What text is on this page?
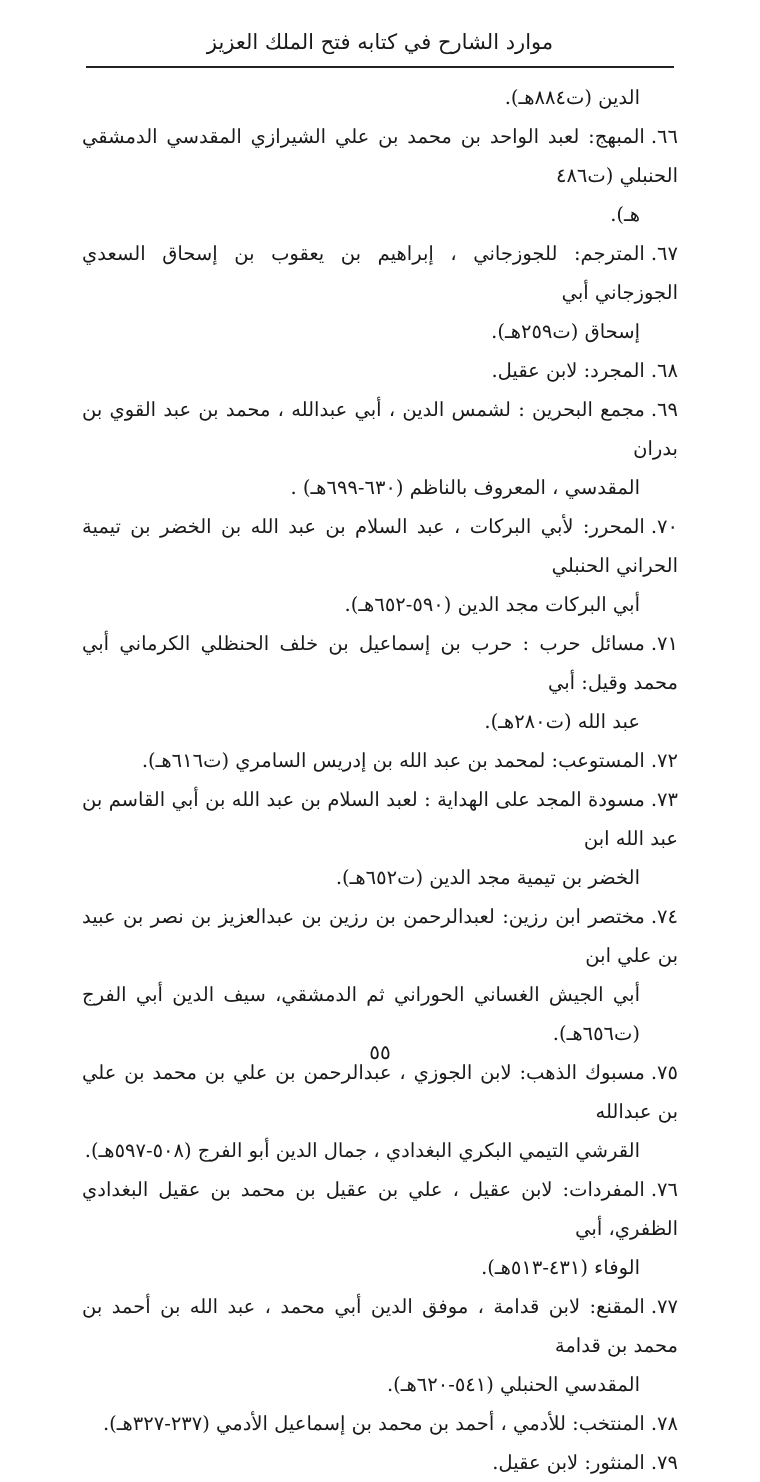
موارد الشارح في كتابه فتح الملك العزيز
الدين (ت٨٨٤هـ).
٦٦.المبهج: لعبد الواحد بن محمد بن علي الشيرازي المقدسي الدمشقي الحنبلي (ت٤٨٦
هـ).
٦٧.المترجم: للجوزجاني ، إبراهيم بن يعقوب بن إسحاق السعدي الجوزجاني أبي
إسحاق (ت٢٥٩هـ).
٦٨.المجرد: لابن عقيل.
٦٩.مجمع البحرين : لشمس الدين ، أبي عبدالله ، محمد بن عبد القوي بن بدران
المقدسي ، المعروف بالناظم (٦٣٠-٦٩٩هـ) .
٧٠.المحرر: لأبي البركات ، عبد السلام بن عبد الله بن الخضر بن تيمية الحراني الحنبلي
أبي البركات مجد الدين (٥٩٠-٦٥٢هـ).
٧١.مسائل حرب : حرب بن إسماعيل بن خلف الحنظلي الكرماني أبي محمد وقيل: أبي
عبد الله (ت٢٨٠هـ).
٧٢.المستوعب: لمحمد بن عبد الله بن إدريس السامري (ت٦١٦هـ).
٧٣.مسودة المجد على الهداية : لعبد السلام بن عبد الله بن أبي القاسم بن عبد الله ابن
الخضر بن تيمية مجد الدين (ت٦٥٢هـ).
٧٤.مختصر ابن رزين: لعبدالرحمن بن رزين بن عبدالعزيز بن نصر بن عبيد بن علي ابن
أبي الجيش الغساني الحوراني ثم الدمشقي، سيف الدين أبي الفرج (ت٦٥٦هـ).
٧٥.مسبوك الذهب: لابن الجوزي ، عبدالرحمن بن علي بن محمد بن علي بن عبدالله
القرشي التيمي البكري البغدادي ، جمال الدين أبو الفرج (٥٠٨-٥٩٧هـ).
٧٦.المفردات: لابن عقيل ، علي بن عقيل بن محمد بن عقيل البغدادي الظفري، أبي
الوفاء (٤٣١-٥١٣هـ).
٧٧.المقنع: لابن قدامة ، موفق الدين أبي محمد ، عبد الله بن أحمد بن محمد بن قدامة
المقدسي الحنبلي (٥٤١-٦٢٠هـ).
٧٨.المنتخب: للأدمي ، أحمد بن محمد بن إسماعيل الأدمي (٢٣٧-٣٢٧هـ).
٧٩.المنثور: لابن عقيل.
٥٥
